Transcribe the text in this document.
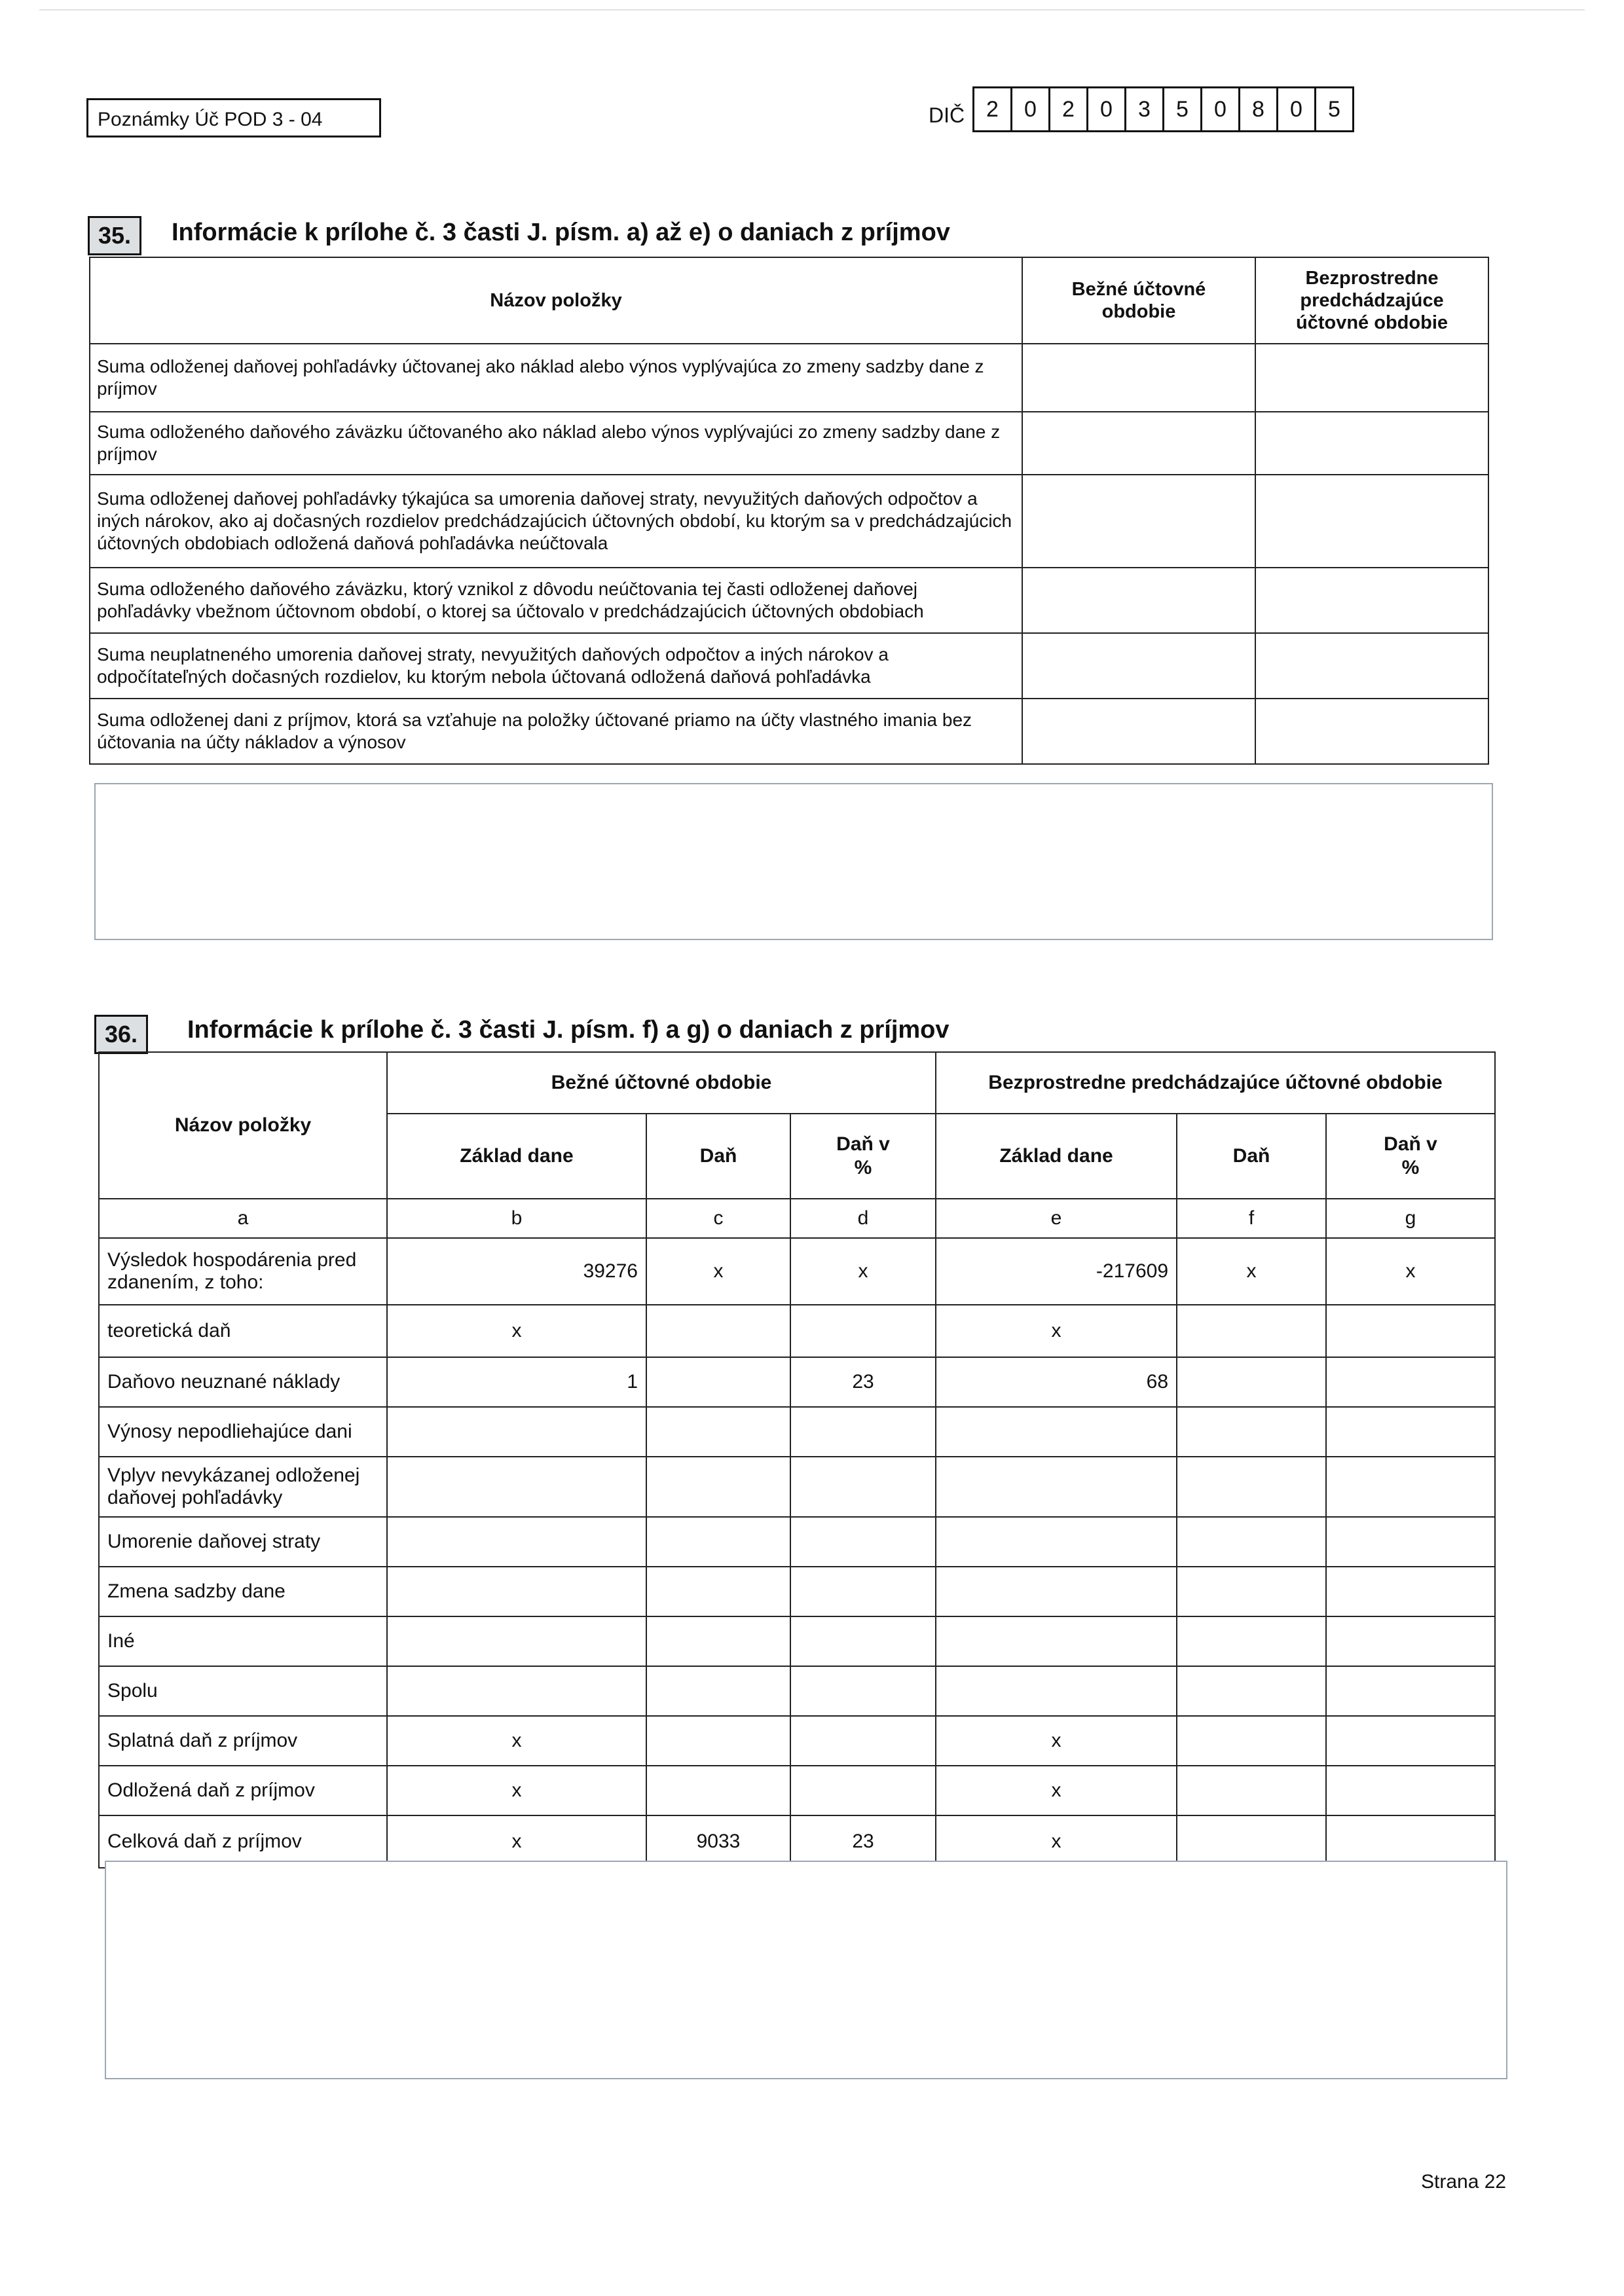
Poznámky Úč POD 3 - 04	DIČ 2	0	2	0	3	5	0	8	0	5
35.	Informácie k prílohe č. 3 časti J. písm. a) až e) o daniach z príjmov
Názov položky	Bežné účtovné obdobie	Bezprostredne predchádzajúce účtovné obdobie
Suma odloženej daňovej pohľadávky účtovanej ako náklad alebo výnos vyplývajúca zo zmeny sadzby dane z príjmov		
Suma odloženého daňového záväzku účtovaného ako náklad alebo výnos vyplývajúci zo zmeny sadzby dane z príjmov		
Suma odloženej daňovej pohľadávky týkajúca sa umorenia daňovej straty, nevyužitých daňových odpočtov a iných nárokov, ako aj dočasných rozdielov predchádzajúcich účtovných období, ku ktorým sa v predchádzajúcich účtovných obdobiach odložená daňová pohľadávka neúčtovala		
Suma odloženého daňového záväzku, ktorý vznikol z dôvodu neúčtovania tej časti odloženej daňovej pohľadávky vbežnom účtovnom období, o ktorej sa účtovalo v predchádzajúcich účtovných obdobiach		
Suma neuplatneného umorenia daňovej straty, nevyužitých daňových odpočtov a iných nárokov a odpočítateľných dočasných rozdielov, ku ktorým nebola účtovaná odložená daňová pohľadávka		
Suma odloženej dani z príjmov, ktorá sa vzťahuje na položky účtované priamo na účty vlastného imania bez účtovania na účty nákladov a výnosov		
36.	Informácie k prílohe č. 3 časti J. písm. f) a g) o daniach z príjmov
Názov položky	Bežné účtovné obdobie			Bezprostredne predchádzajúce účtovné obdobie		
	Základ dane	Daň	Daň v %	Základ dane	Daň	Daň v %
a	b	c	d	e	f	g
Výsledok hospodárenia pred zdanením, z toho:	39276	x	x	-217609	x	x
teoretická daň	x			x		
Daňovo neuznané náklady	1		23	68		
Výnosy nepodliehajúce dani						
Vplyv nevykázanej odloženej daňovej pohľadávky						
Umorenie daňovej straty						
Zmena sadzby dane						
Iné						
Spolu						
Splatná daň z príjmov	x			x		
Odložená daň z príjmov	x			x		
Celková daň z príjmov	x	9033	23	x		
Strana 22
